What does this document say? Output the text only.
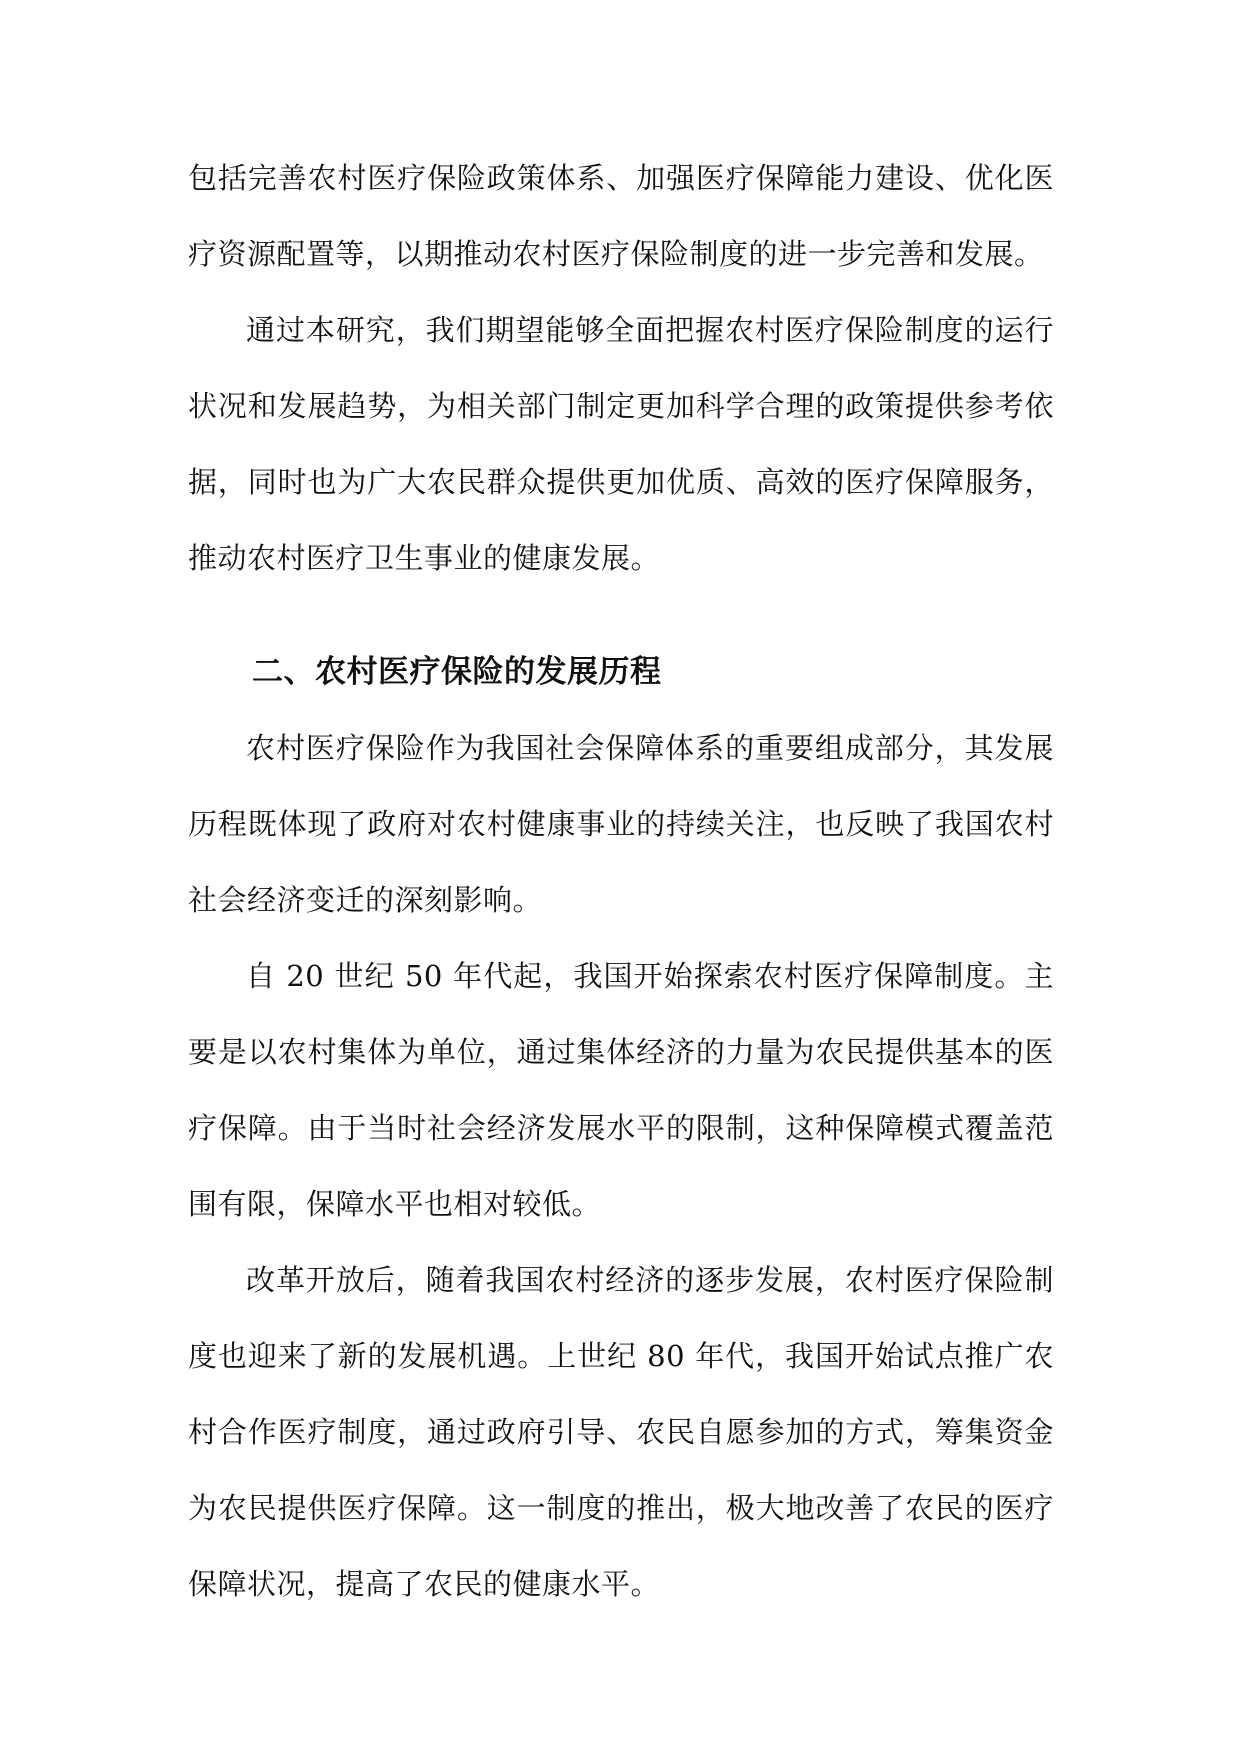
包括完善农村医疗保险政策体系、加强医疗保障能力建设、优化医疗资源配置等，以期推动农村医疗保险制度的进一步完善和发展。

通过本研究，我们期望能够全面把握农村医疗保险制度的运行状况和发展趋势，为相关部门制定更加科学合理的政策提供参考依据，同时也为广大农民群众提供更加优质、高效的医疗保障服务，推动农村医疗卫生事业的健康发展。

二、农村医疗保险的发展历程

农村医疗保险作为我国社会保障体系的重要组成部分，其发展历程既体现了政府对农村健康事业的持续关注，也反映了我国农村社会经济变迁的深刻影响。

自 20 世纪 50 年代起，我国开始探索农村医疗保障制度。主要是以农村集体为单位，通过集体经济的力量为农民提供基本的医疗保障。由于当时社会经济发展水平的限制，这种保障模式覆盖范围有限，保障水平也相对较低。

改革开放后，随着我国农村经济的逐步发展，农村医疗保险制度也迎来了新的发展机遇。上世纪 80 年代，我国开始试点推广农村合作医疗制度，通过政府引导、农民自愿参加的方式，筹集资金为农民提供医疗保障。这一制度的推出，极大地改善了农民的医疗保障状况，提高了农民的健康水平。
